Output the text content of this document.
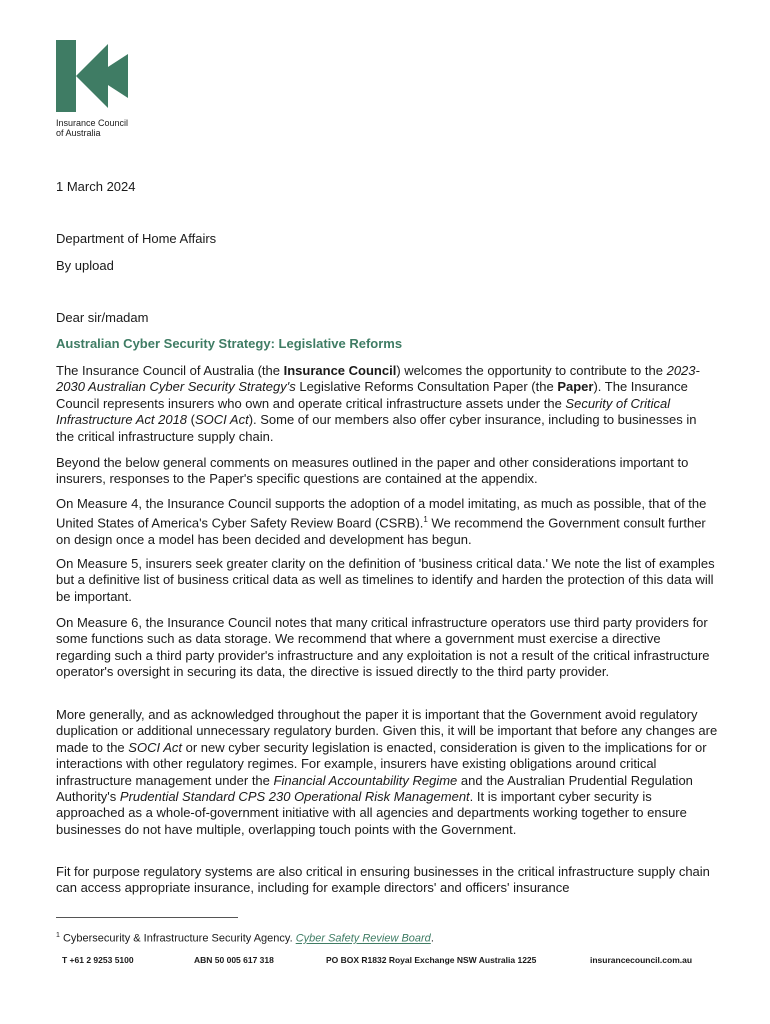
Insurance Council
of Australia
1 March 2024
Department of Home Affairs
By upload
Dear sir/madam
Australian Cyber Security Strategy: Legislative Reforms

The Insurance Council of Australia (the Insurance Council) welcomes the opportunity to contribute to the 2023-2030 Australian Cyber Security Strategy's Legislative Reforms Consultation Paper (the Paper). The Insurance Council represents insurers who own and operate critical infrastructure assets under the Security of Critical Infrastructure Act 2018 (SOCI Act). Some of our members also offer cyber insurance, including to businesses in the critical infrastructure supply chain.

Beyond the below general comments on measures outlined in the paper and other considerations important to insurers, responses to the Paper's specific questions are contained at the appendix.

On Measure 4, the Insurance Council supports the adoption of a model imitating, as much as possible, that of the United States of America's Cyber Safety Review Board (CSRB).$^1$ We recommend the Government consult further on design once a model has been decided and development has begun.

On Measure 5, insurers seek greater clarity on the definition of 'business critical data.' We note the list of examples but a definitive list of business critical data as well as timelines to identify and harden the protection of this data will be important.

On Measure 6, the Insurance Council notes that many critical infrastructure operators use third party providers for some functions such as data storage. We recommend that where a government must exercise a directive regarding such a third party provider's infrastructure and any exploitation is not a result of the critical infrastructure operator's oversight in securing its data, the directive is issued directly to the third party provider.

More generally, and as acknowledged throughout the paper it is important that the Government avoid regulatory duplication or additional unnecessary regulatory burden. Given this, it will be important that before any changes are made to the SOCI Act or new cyber security legislation is enacted, consideration is given to the implications for or interactions with other regulatory regimes. For example, insurers have existing obligations around critical infrastructure management under the Financial Accountability Regime and the Australian Prudential Regulation Authority's Prudential Standard CPS 230 Operational Risk Management. It is important cyber security is approached as a whole-of-government initiative with all agencies and departments working together to ensure businesses do not have multiple, overlapping touch points with the Government.

Fit for purpose regulatory systems are also critical in ensuring businesses in the critical infrastructure supply chain can access appropriate insurance, including for example directors' and officers' insurance

$^1$ Cybersecurity & Infrastructure Security Agency. Cyber Safety Review Board.
T +61 2 9253 5100	ABN 50 005 617 318	PO BOX R1832 Royal Exchange NSW Australia 1225	insurancecouncil.com.au
